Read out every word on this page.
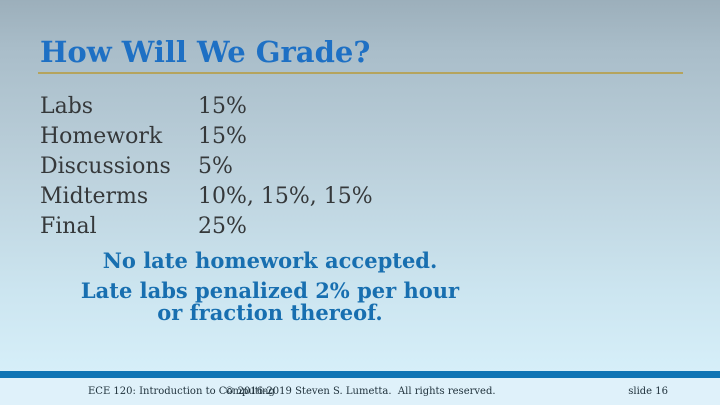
How Will We Grade?
Labs	15%
Homework	15%
Discussions	5%
Midterms	10%, 15%, 15%
Final	25%
No late homework accepted.
Late labs penalized 2% per hour
or fraction thereof.
ECE 120: Introduction to Computing
© 2016-2019 Steven S. Lumetta.  All rights reserved.	slide 16
